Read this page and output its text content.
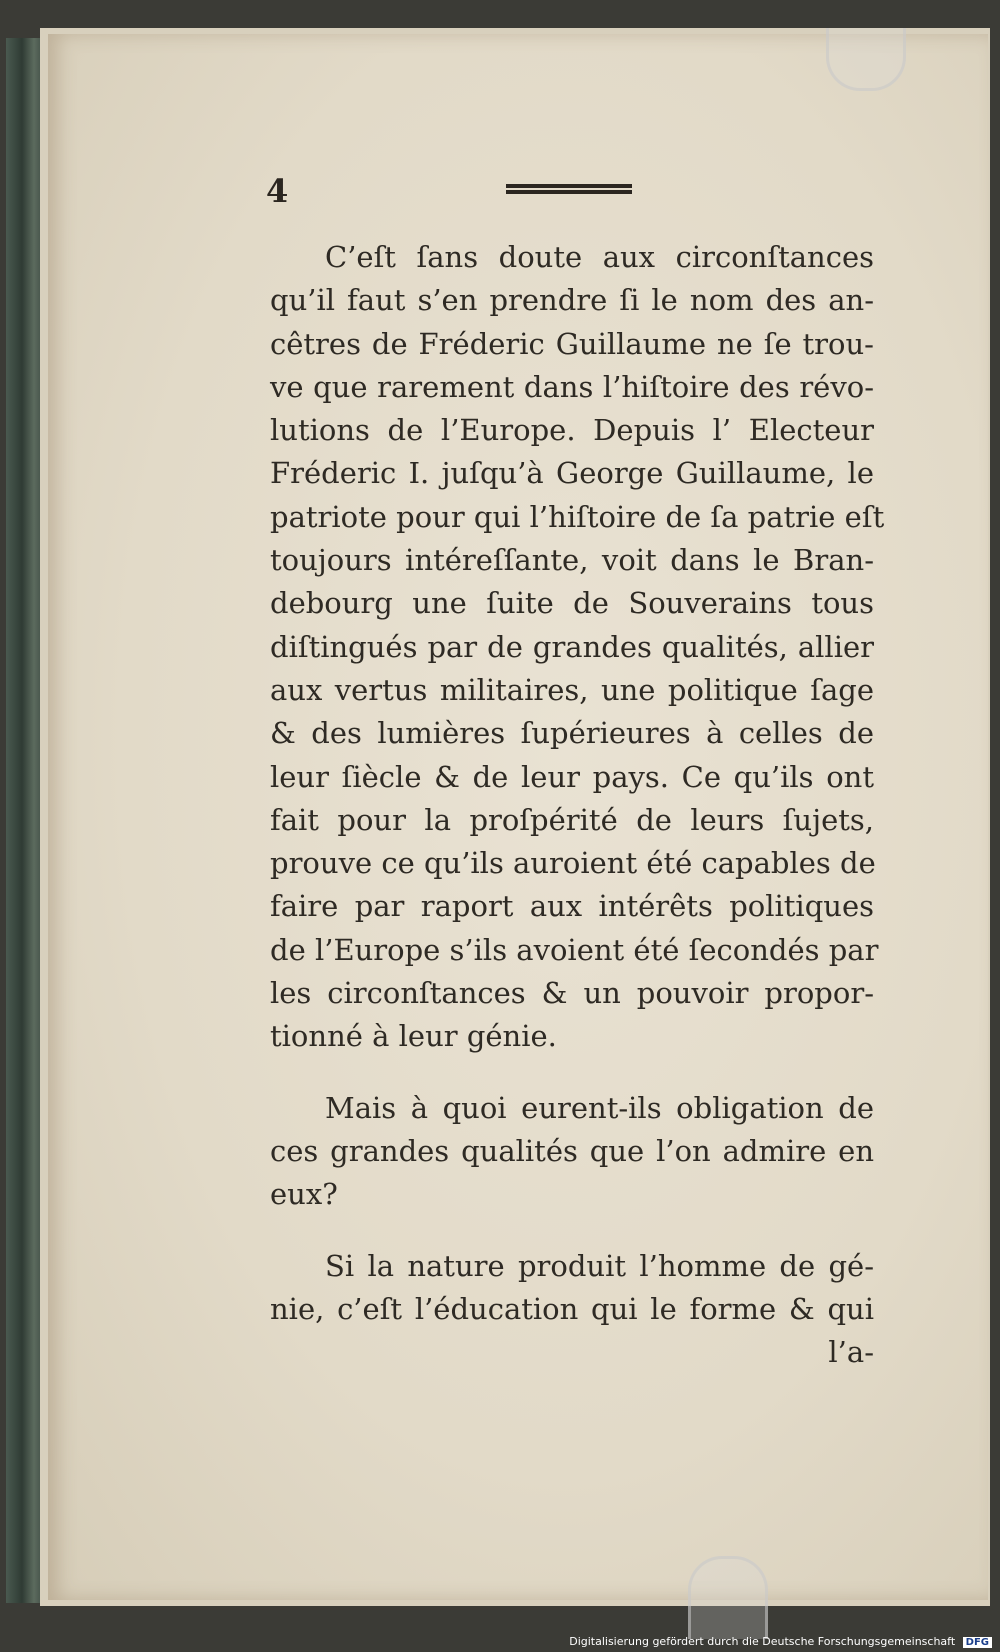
4
C’eſt ſans doute aux circonſtances
qu’il faut s’en prendre ſi le nom des an-
cêtres de Fréderic Guillaume ne ſe trou-
ve que rarement dans l’hiſtoire des révo-
lutions de l’Europe. Depuis l’ Electeur
Fréderic I. juſqu’à George Guillaume, le
patriote pour qui l’hiſtoire de ſa patrie eſt
toujours intéreſſante, voit dans le Bran-
debourg une ſuite de Souverains tous
diſtingués par de grandes qualités, allier
aux vertus militaires, une politique ſage
& des lumières ſupérieures à celles de
leur ſiècle & de leur pays. Ce qu’ils ont
fait pour la proſpérité de leurs ſujets,
prouve ce qu’ils auroient été capables de
faire par raport aux intérêts politiques
de l’Europe s’ils avoient été ſecondés par
les circonſtances & un pouvoir propor-
tionné à leur génie.
Mais à quoi eurent-ils obligation de
ces grandes qualités que l’on admire en
eux?
Si la nature produit l’homme de gé-
nie, c’eſt l’éducation qui le forme & qui
l’a-
Digitalisierung gefördert durch die Deutsche Forschungsgemeinschaft DFG
